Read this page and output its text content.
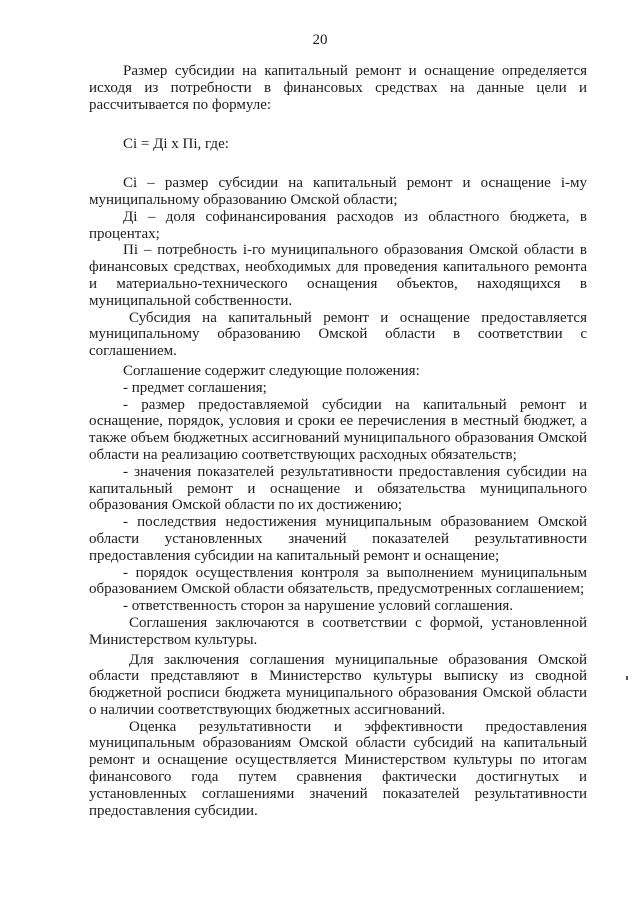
20

Размер субсидии на капитальный ремонт и оснащение определяется исходя из потребности в финансовых средствах на данные цели и рассчитывается по формуле:

Ci = Дi x Пi, где:

Ci – размер субсидии на капитальный ремонт и оснащение i-му муниципальному образованию Омской области;

Дi – доля софинансирования расходов из областного бюджета, в процентах;

Пi – потребность i-го муниципального образования Омской области в финансовых средствах, необходимых для проведения капитального ремонта и материально-технического оснащения объектов, находящихся в муниципальной собственности.

Субсидия на капитальный ремонт и оснащение предоставляется муниципальному образованию Омской области в соответствии с соглашением.

Соглашение содержит следующие положения:

- предмет соглашения;

- размер предоставляемой субсидии на капитальный ремонт и оснащение, порядок, условия и сроки ее перечисления в местный бюджет, а также объем бюджетных ассигнований муниципального образования Омской области на реализацию соответствующих расходных обязательств;

- значения показателей результативности предоставления субсидии на капитальный ремонт и оснащение и обязательства муниципального образования Омской области по их достижению;

- последствия недостижения муниципальным образованием Омской области установленных значений показателей результативности предоставления субсидии на капитальный ремонт и оснащение;

- порядок осуществления контроля за выполнением муниципальным образованием Омской области обязательств, предусмотренных соглашением;

- ответственность сторон за нарушение условий соглашения.

Соглашения заключаются в соответствии с формой, установленной Министерством культуры.

Для заключения соглашения муниципальные образования Омской области представляют в Министерство культуры выписку из сводной бюджетной росписи бюджета муниципального образования Омской области о наличии соответствующих бюджетных ассигнований.

Оценка результативности и эффективности предоставления муниципальным образованиям Омской области субсидий на капитальный ремонт и оснащение осуществляется Министерством культуры по итогам финансового года путем сравнения фактически достигнутых и установленных соглашениями значений показателей результативности предоставления субсидии.
